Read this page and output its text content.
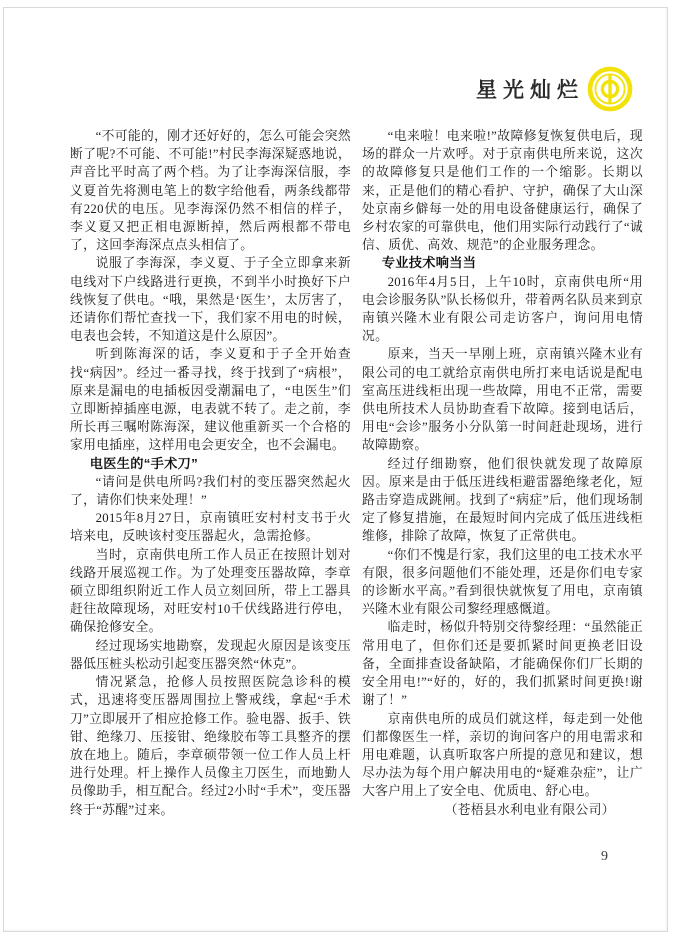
星光灿烂

“不可能的，刚才还好好的，怎么可能会突然断了呢?不可能、不可能!”村民李海深疑惑地说，声音比平时高了两个档。为了让李海深信服，李义夏首先将测电笔上的数字给他看，两条线都带有220伏的电压。见李海深仍然不相信的样子，李义夏又把正相电源断掉，然后两根都不带电了，这回李海深点点头相信了。

说服了李海深，李义夏、于子全立即拿来新电线对下户线路进行更换，不到半小时换好下户线恢复了供电。“哦，果然是‘医生’，太厉害了，还请你们帮忙查找一下，我们家不用电的时候，电表也会转，不知道这是什么原因”。

听到陈海深的话，李义夏和于子全开始查找“病因”。经过一番寻找，终于找到了“病根”，原来是漏电的电插板因受潮漏电了，“电医生”们立即断掉插座电源，电表就不转了。走之前，李所长再三嘱咐陈海深，建议他重新买一个合格的家用电插座，这样用电会更安全，也不会漏电。

电医生的“手术刀”

“请问是供电所吗?我们村的变压器突然起火了，请你们快来处理！”

2015年8月27日，京南镇旺安村村支书于火培来电，反映该村变压器起火，急需抢修。

当时，京南供电所工作人员正在按照计划对线路开展巡视工作。为了处理变压器故障，李章硕立即组织附近工作人员立刻回所，带上工器具赶往故障现场，对旺安村10千伏线路进行停电，确保抢修安全。

经过现场实地勘察，发现起火原因是该变压器低压桩头松动引起变压器突然“休克”。

情况紧急，抢修人员按照医院急诊科的模式，迅速将变压器周围拉上警戒线，拿起“手术刀”立即展开了相应抢修工作。验电器、扳手、铁钳、绝缘刀、压接钳、绝缘胶布等工具整齐的摆放在地上。随后，李章硕带领一位工作人员上杆进行处理。杆上操作人员像主刀医生，而地勤人员像助手，相互配合。经过2小时“手术”，变压器终于“苏醒”过来。

“电来啦！电来啦!”故障修复恢复供电后，现场的群众一片欢呼。对于京南供电所来说，这次的故障修复只是他们工作的一个缩影。长期以来，正是他们的精心看护、守护，确保了大山深处京南乡僻每一处的用电设备健康运行，确保了乡村农家的可靠供电，他们用实际行动践行了“诚信、质优、高效、规范”的企业服务理念。

专业技术响当当

2016年4月5日，上午10时，京南供电所“用电会诊服务队”队长杨似升，带着两名队员来到京南镇兴隆木业有限公司走访客户，询问用电情况。

原来，当天一早刚上班，京南镇兴隆木业有限公司的电工就给京南供电所打来电话说是配电室高压进线柜出现一些故障，用电不正常，需要供电所技术人员协助查看下故障。接到电话后，用电“会诊”服务小分队第一时间赶赴现场，进行故障勘察。

经过仔细勘察，他们很快就发现了故障原因。原来是由于低压进线柜避雷器绝缘老化，短路击穿造成跳闸。找到了“病症”后，他们现场制定了修复措施，在最短时间内完成了低压进线柜维修，排除了故障，恢复了正常供电。

“你们不愧是行家，我们这里的电工技术水平有限，很多问题他们不能处理，还是你们电专家的诊断水平高。”看到很快就恢复了用电，京南镇兴隆木业有限公司黎经理感慨道。

临走时，杨似升特别交待黎经理：“虽然能正常用电了，但你们还是要抓紧时间更换老旧设备，全面排查设备缺陷，才能确保你们厂长期的安全用电!”“好的，好的，我们抓紧时间更换!谢谢了！”

京南供电所的成员们就这样，每走到一处他们都像医生一样，亲切的询问客户的用电需求和用电难题，认真听取客户所提的意见和建议，想尽办法为每个用户解决用电的“疑难杂症”，让广大客户用上了安全电、优质电、舒心电。

（苍梧县水利电业有限公司）

9
